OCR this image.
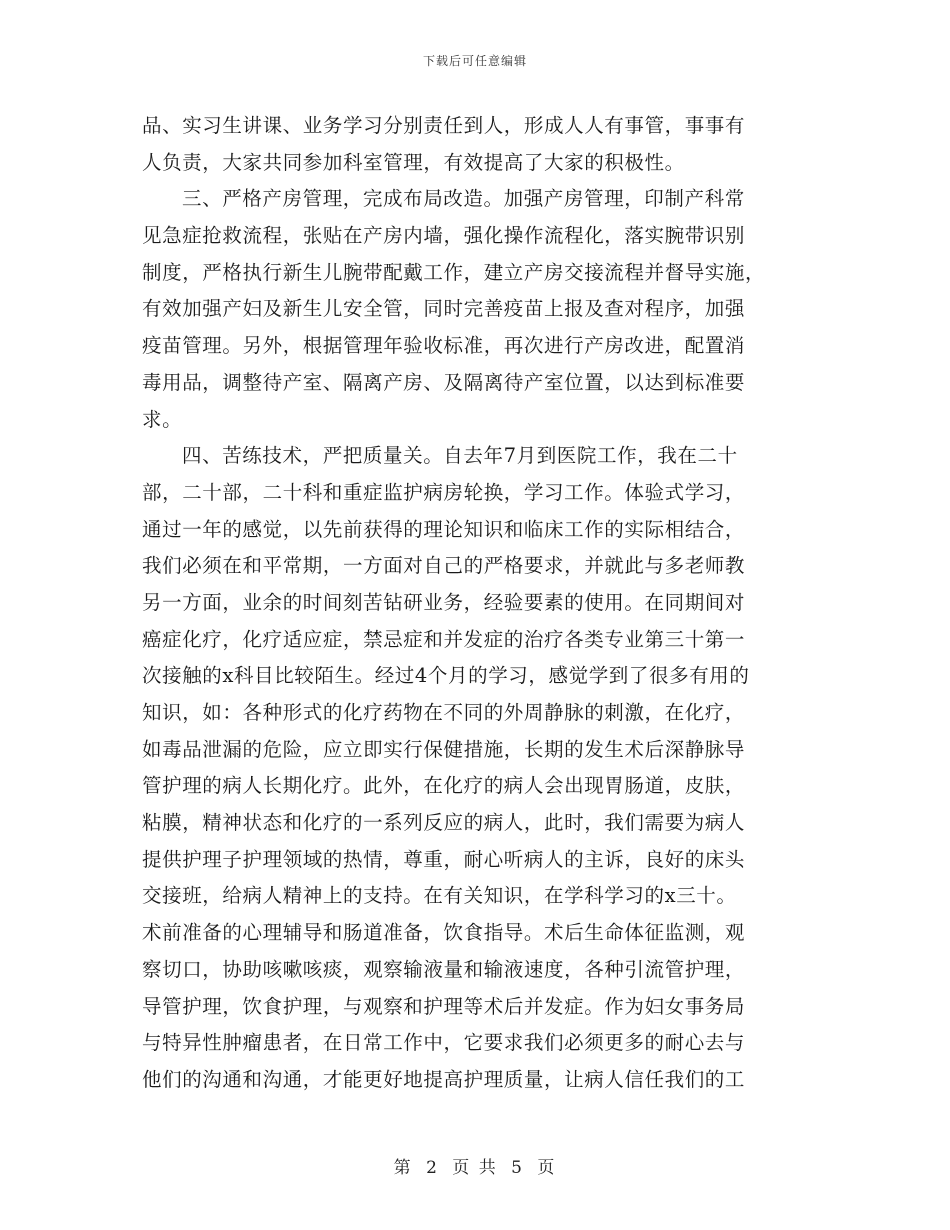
下载后可任意编辑
品、实习生讲课、业务学习分别责任到人，形成人人有事管，事事有
人负责，大家共同参加科室管理，有效提高了大家的积极性。
三、严格产房管理，完成布局改造。加强产房管理，印制产科常
见急症抢救流程，张贴在产房内墙，强化操作流程化，落实腕带识别
制度，严格执行新生儿腕带配戴工作，建立产房交接流程并督导实施，
有效加强产妇及新生儿安全管，同时完善疫苗上报及查对程序，加强
疫苗管理。另外，根据管理年验收标准，再次进行产房改进，配置消
毒用品，调整待产室、隔离产房、及隔离待产室位置，以达到标准要
求。
四、苦练技术，严把质量关。自去年7月到医院工作，我在二十
部，二十部，二十科和重症监护病房轮换，学习工作。体验式学习，
通过一年的感觉，以先前获得的理论知识和临床工作的实际相结合，
我们必须在和平常期，一方面对自己的严格要求，并就此与多老师教
另一方面，业余的时间刻苦钻研业务，经验要素的使用。在同期间对
癌症化疗，化疗适应症，禁忌症和并发症的治疗各类专业第三十第一
次接触的x科目比较陌生。经过4个月的学习，感觉学到了很多有用的
知识，如：各种形式的化疗药物在不同的外周静脉的刺激，在化疗，
如毒品泄漏的危险，应立即实行保健措施，长期的发生术后深静脉导
管护理的病人长期化疗。此外，在化疗的病人会出现胃肠道，皮肤，
粘膜，精神状态和化疗的一系列反应的病人，此时，我们需要为病人
提供护理子护理领域的热情，尊重，耐心听病人的主诉，良好的床头
交接班，给病人精神上的支持。在有关知识，在学科学习的x三十。
术前准备的心理辅导和肠道准备，饮食指导。术后生命体征监测，观
察切口，协助咳嗽咳痰，观察输液量和输液速度，各种引流管护理，
导管护理，饮食护理，与观察和护理等术后并发症。作为妇女事务局
与特异性肿瘤患者，在日常工作中，它要求我们必须更多的耐心去与
他们的沟通和沟通，才能更好地提高护理质量，让病人信任我们的工
第 2 页 共 5 页
